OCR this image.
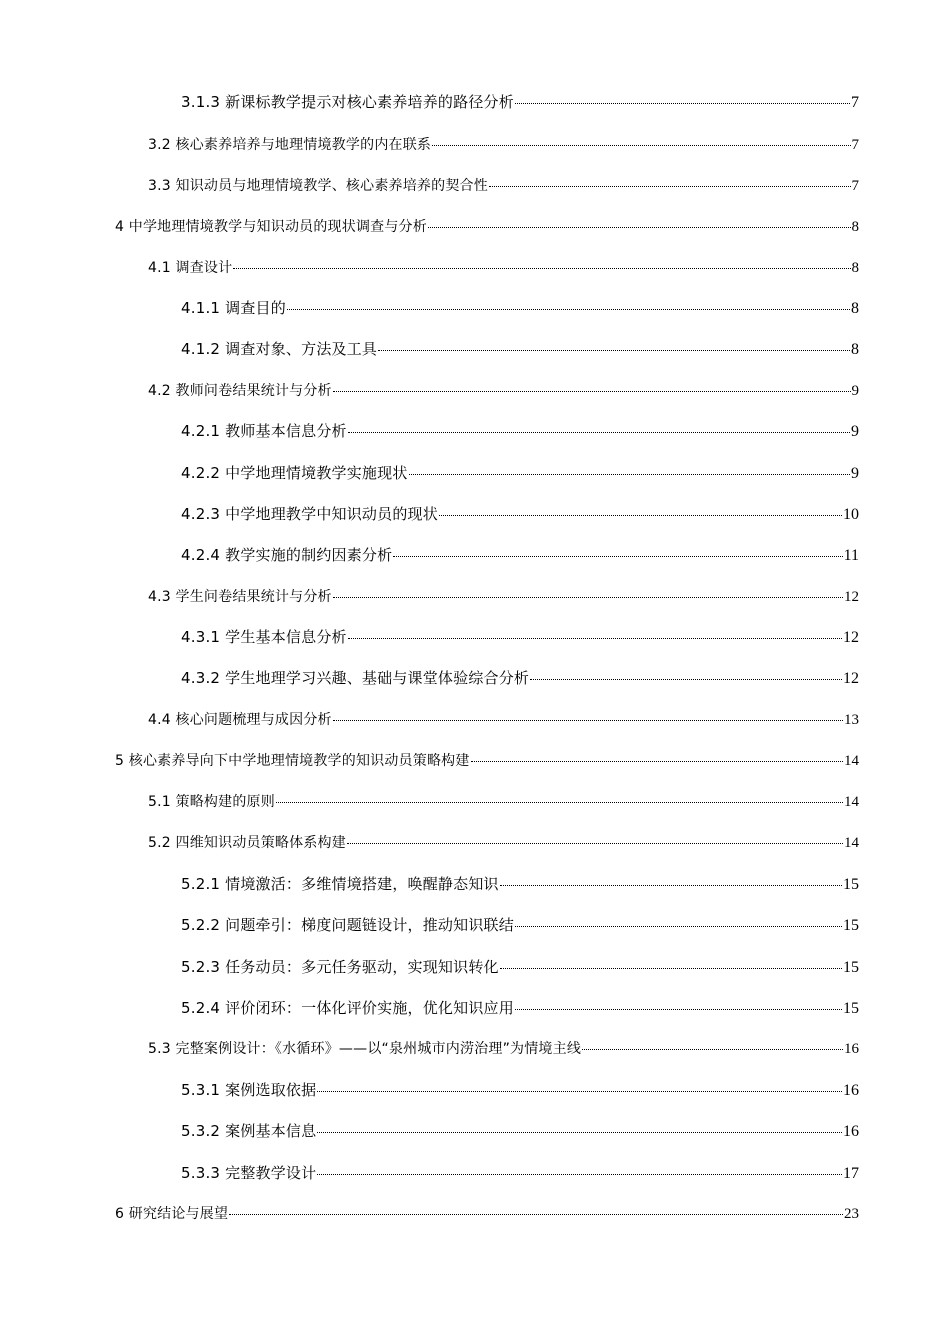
3.1.3 新课标教学提示对核心素养培养的路径分析	7
3.2 核心素养培养与地理情境教学的内在联系	7
3.3 知识动员与地理情境教学、核心素养培养的契合性	7
4 中学地理情境教学与知识动员的现状调查与分析	8
4.1 调查设计	8
4.1.1 调查目的	8
4.1.2 调查对象、方法及工具	8
4.2 教师问卷结果统计与分析	9
4.2.1 教师基本信息分析	9
4.2.2 中学地理情境教学实施现状	9
4.2.3 中学地理教学中知识动员的现状	10
4.2.4 教学实施的制约因素分析	11
4.3 学生问卷结果统计与分析	12
4.3.1 学生基本信息分析	12
4.3.2 学生地理学习兴趣、基础与课堂体验综合分析	12
4.4 核心问题梳理与成因分析	13
5 核心素养导向下中学地理情境教学的知识动员策略构建	14
5.1 策略构建的原则	14
5.2 四维知识动员策略体系构建	14
5.2.1 情境激活：多维情境搭建，唤醒静态知识	15
5.2.2 问题牵引：梯度问题链设计，推动知识联结	15
5.2.3 任务动员：多元任务驱动，实现知识转化	15
5.2.4 评价闭环：一体化评价实施，优化知识应用	15
5.3 完整案例设计：《水循环》——以“泉州城市内涝治理”为情境主线	16
5.3.1 案例选取依据	16
5.3.2 案例基本信息	16
5.3.3 完整教学设计	17
6 研究结论与展望	23
